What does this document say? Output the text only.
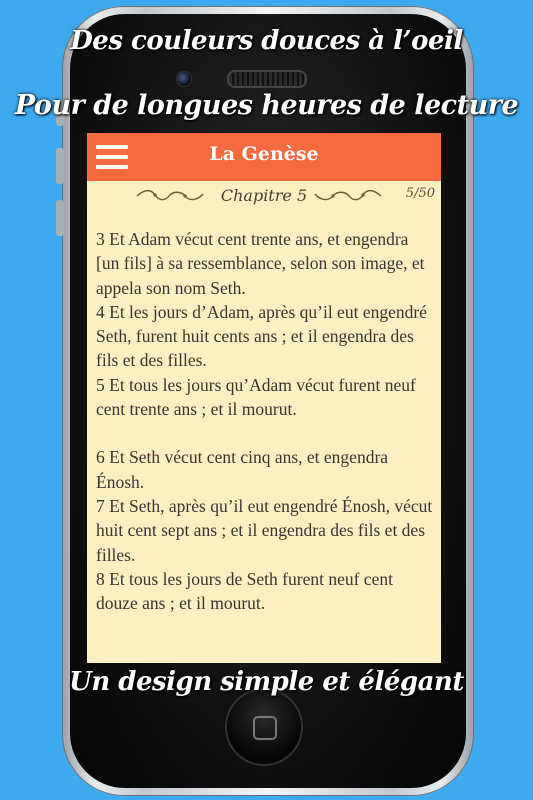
Des couleurs douces à l’oeil
Pour de longues heures de lecture
La Genèse
Chapitre 5	5/50
3 Et Adam vécut cent trente ans, et engendra [un fils] à sa ressemblance, selon son image, et appela son nom Seth.
4 Et les jours d’Adam, après qu’il eut engendré Seth, furent huit cents ans ; et il engendra des fils et des filles.
5 Et tous les jours qu’Adam vécut furent neuf cent trente ans ; et il mourut.
6 Et Seth vécut cent cinq ans, et engendra Énosh.
7 Et Seth, après qu’il eut engendré Énosh, vécut huit cent sept ans ; et il engendra des fils et des filles.
8 Et tous les jours de Seth furent neuf cent douze ans ; et il mourut.
Un design simple et élégant
